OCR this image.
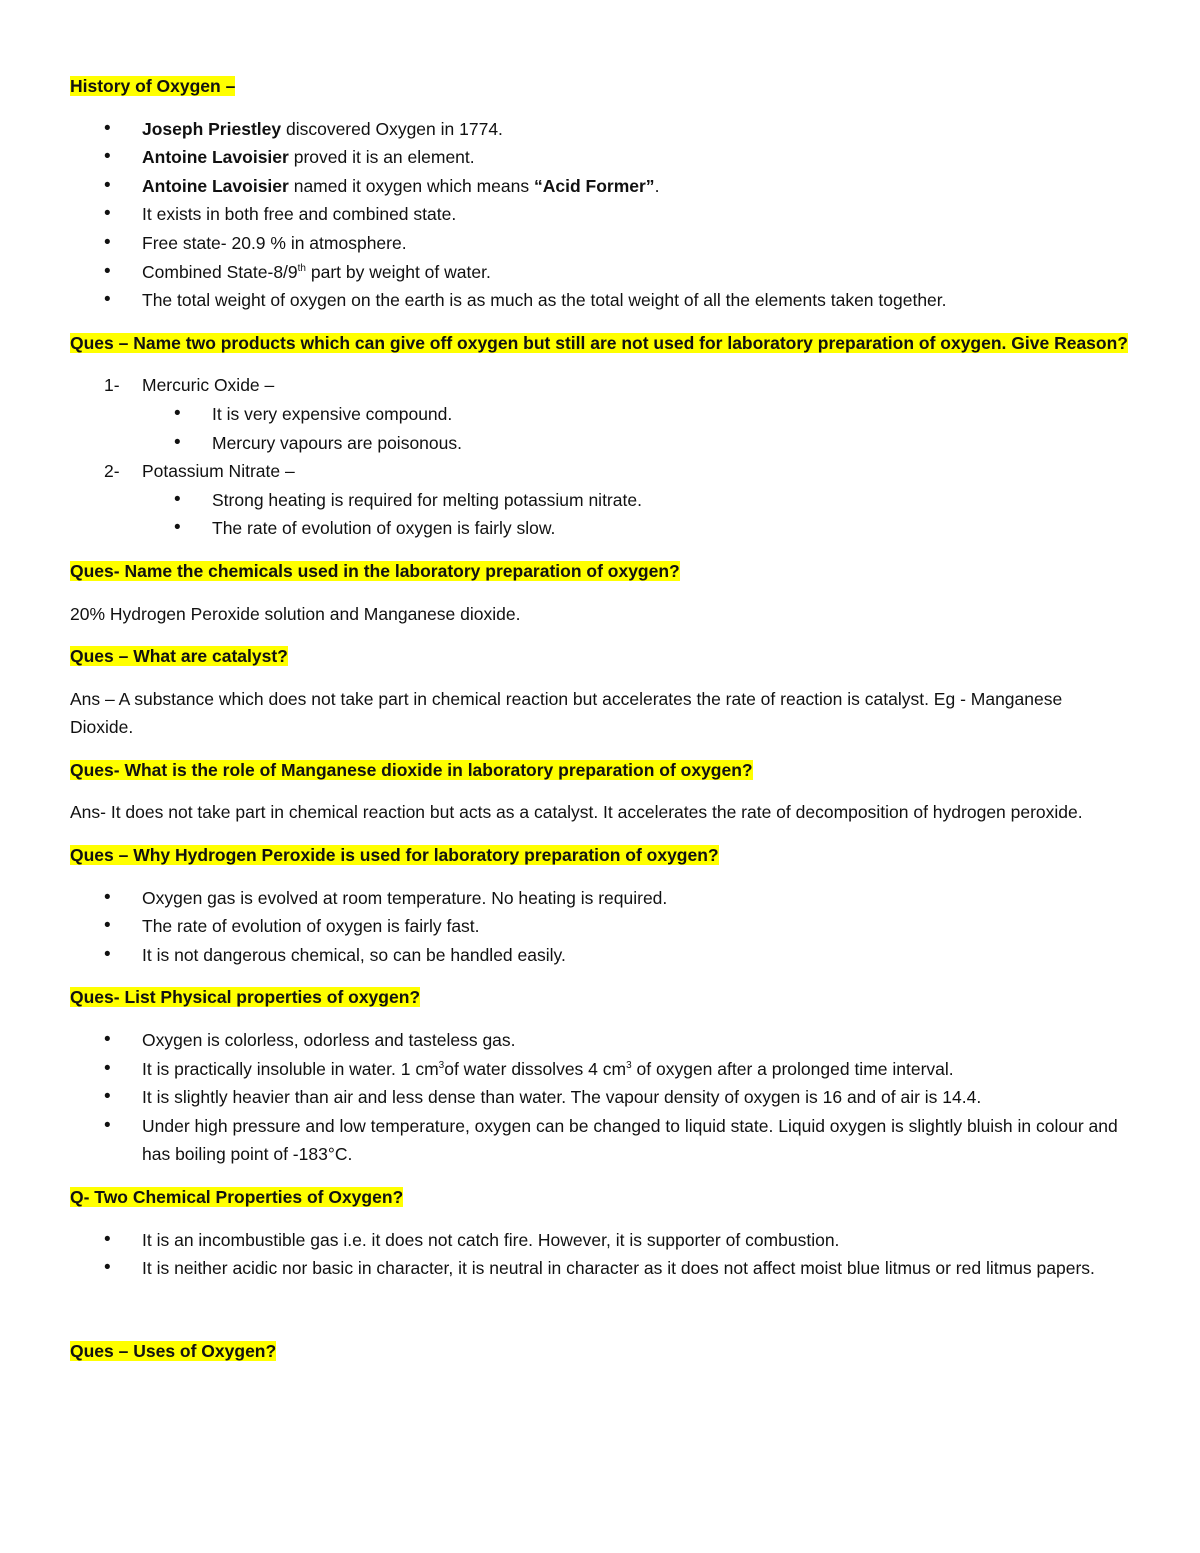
History of Oxygen –
• Joseph Priestley discovered Oxygen in 1774.
• Antoine Lavoisier proved it is an element.
• Antoine Lavoisier named it oxygen which means “Acid Former”.
• It exists in both free and combined state.
• Free state- 20.9 % in atmosphere.
• Combined State-8/9th part by weight of water.
• The total weight of oxygen on the earth is as much as the total weight of all the elements taken together.
Ques – Name two products which can give off oxygen but still are not used for laboratory preparation of oxygen. Give Reason?
1- Mercuric Oxide –
• It is very expensive compound.
• Mercury vapours are poisonous.
2- Potassium Nitrate –
• Strong heating is required for melting potassium nitrate.
• The rate of evolution of oxygen is fairly slow.
Ques- Name the chemicals used in the laboratory preparation of oxygen?

20% Hydrogen Peroxide solution and Manganese dioxide.

Ques – What are catalyst?

Ans – A substance which does not take part in chemical reaction but accelerates the rate of reaction is catalyst. Eg - Manganese Dioxide.

Ques- What is the role of Manganese dioxide in laboratory preparation of oxygen?

Ans- It does not take part in chemical reaction but acts as a catalyst. It accelerates the rate of decomposition of hydrogen peroxide.

Ques – Why Hydrogen Peroxide is used for laboratory preparation of oxygen?
• Oxygen gas is evolved at room temperature. No heating is required.
• The rate of evolution of oxygen is fairly fast.
• It is not dangerous chemical, so can be handled easily.
Ques- List Physical properties of oxygen?
• Oxygen is colorless, odorless and tasteless gas.
• It is practically insoluble in water. 1 $cm^3of$ water dissolves 4 $cm^3$ of oxygen after a prolonged time interval.
• It is slightly heavier than air and less dense than water. The vapour density of oxygen is 16 and of air is 14.4.
• Under high pressure and low temperature, oxygen can be changed to liquid state. Liquid oxygen is slightly bluish in colour and has boiling point of -183°C.
Q- Two Chemical Properties of Oxygen?
• It is an incombustible gas i.e. it does not catch fire. However, it is supporter of combustion.
• It is neither acidic nor basic in character, it is neutral in character as it does not affect moist blue litmus or red litmus papers.
Ques – Uses of Oxygen?
